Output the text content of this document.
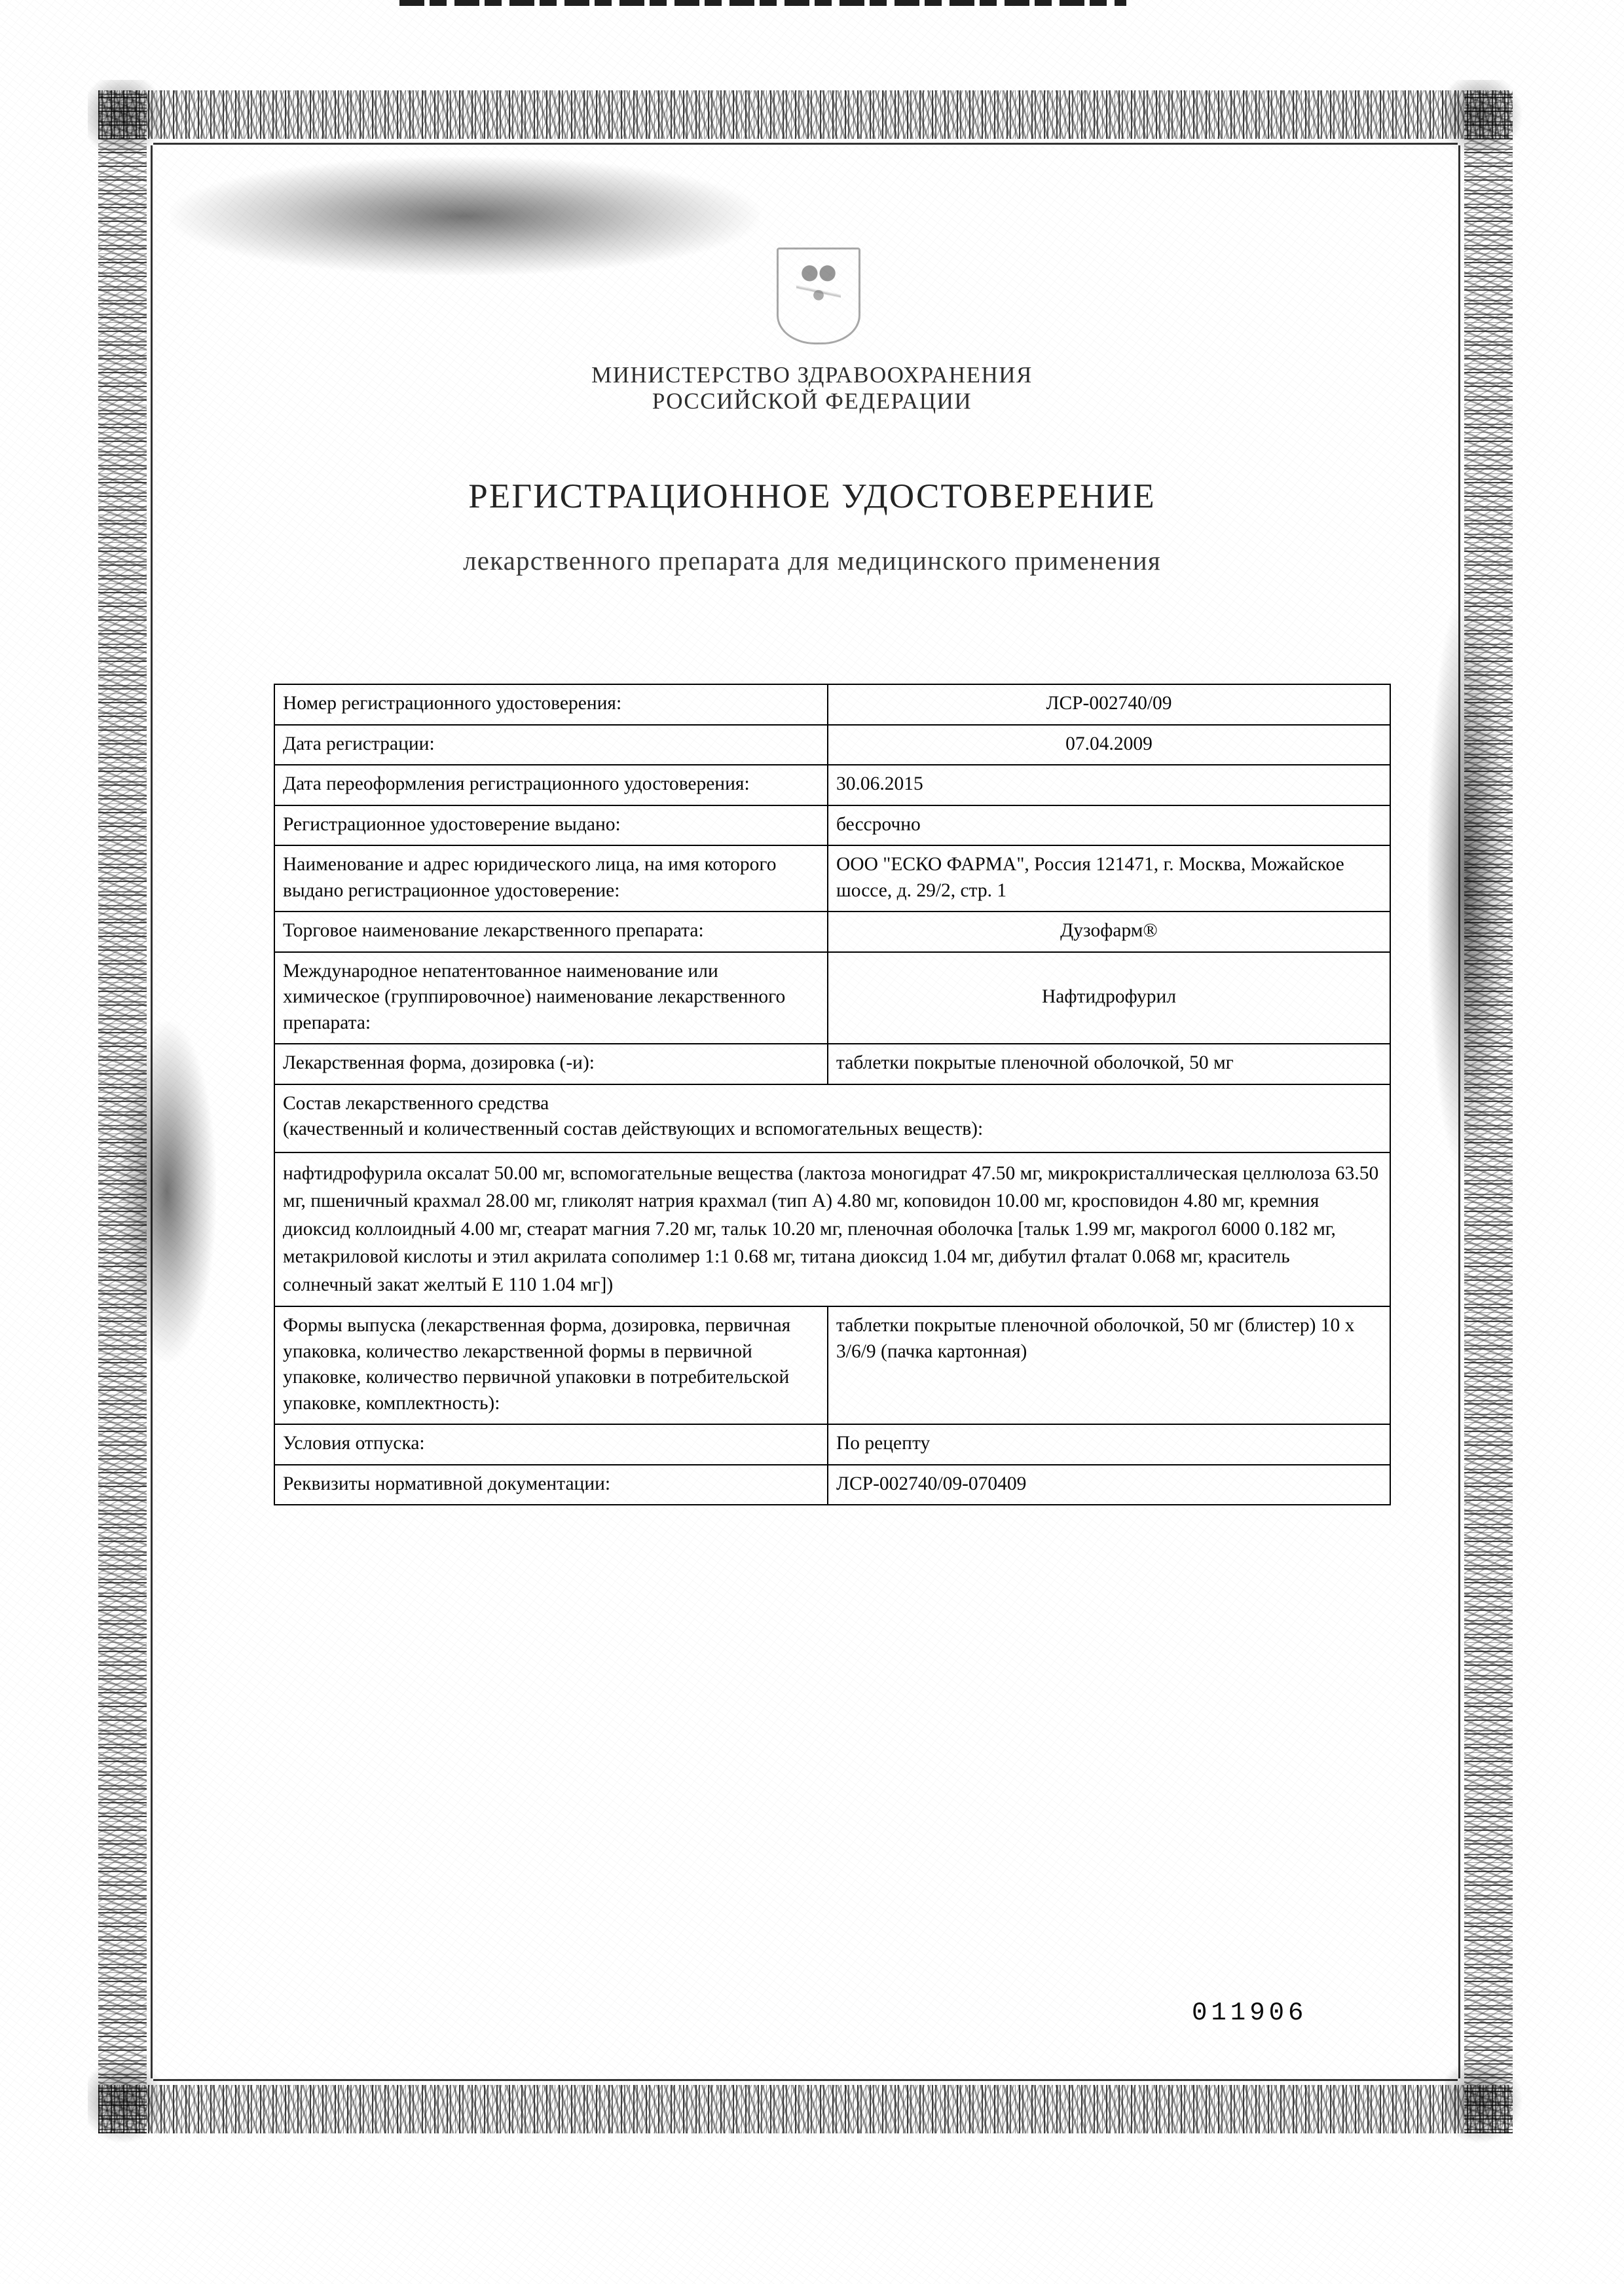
МИНИСТЕРСТВО ЗДРАВООХРАНЕНИЯ
РОССИЙСКОЙ ФЕДЕРАЦИИ
РЕГИСТРАЦИОННОЕ УДОСТОВЕРЕНИЕ
лекарственного препарата для медицинского применения
Номер регистрационного удостоверения:	ЛСР-002740/09
Дата регистрации:	07.04.2009
Дата переоформления регистрационного удостоверения:	30.06.2015
Регистрационное удостоверение выдано:	бессрочно
Наименование и адрес юридического лица, на имя которого выдано регистрационное удостоверение:	ООО "ЕСКО ФАРМА", Россия 121471, г. Москва, Можайское шоссе, д. 29/2, стр. 1
Торговое наименование лекарственного препарата:	Дузофарм®
Международное непатентованное наименование или химическое (группировочное) наименование лекарственного препарата:	Нафтидрофурил
Лекарственная форма, дозировка (-и):	таблетки покрытые пленочной оболочкой, 50 мг

Состав лекарственного средства
(качественный и количественный состав действующих и вспомогательных веществ):	

нафтидрофурила оксалат 50.00 мг, вспомогательные вещества (лактоза моногидрат 47.50 мг, микрокристаллическая целлюлоза 63.50 мг, пшеничный крахмал 28.00 мг, гликолят натрия крахмал (тип А) 4.80 мг, коповидон 10.00 мг, кросповидон 4.80 мг, кремния диоксид коллоидный 4.00 мг, стеарат магния 7.20 мг, тальк 10.20 мг, пленочная оболочка [тальк 1.99 мг, макрогол 6000 0.182 мг, метакриловой кислоты и этил акрилата сополимер 1:1 0.68 мг, титана диоксид 1.04 мг, дибутил фталат 0.068 мг, краситель солнечный закат желтый Е 110 1.04 мг])	
Формы выпуска (лекарственная форма, дозировка, первичная упаковка, количество лекарственной формы в первичной упаковке, количество первичной упаковки в потребительской упаковке, комплектность):	таблетки покрытые пленочной оболочкой, 50 мг (блистер) 10 х 3/6/9 (пачка картонная)
Условия отпуска:	По рецепту
Реквизиты нормативной документации:	ЛСР-002740/09-070409
011906
